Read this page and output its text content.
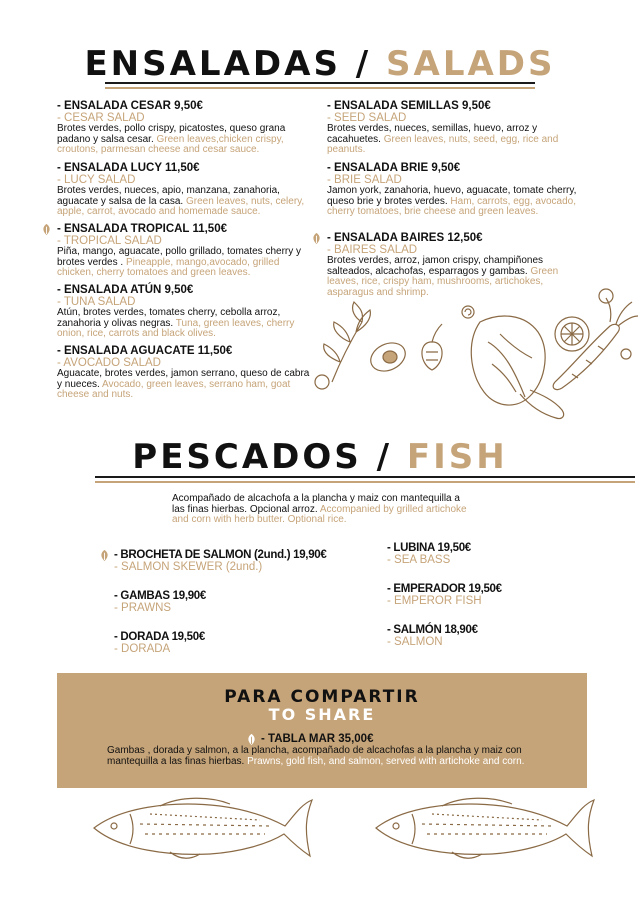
ENSALADAS / SALADS
- ENSALADA CESAR 9,50€
- CESAR SALAD
Brotes verdes, pollo crispy, picatostes, queso grana padano y salsa cesar. Green leaves,chicken crispy, croutons, parmesan cheese and cesar sauce.
- ENSALADA LUCY 11,50€
- LUCY SALAD
Brotes verdes, nueces, apio, manzana, zanahoria, aguacate y salsa de la casa. Green leaves, nuts, celery, apple, carrot, avocado and homemade sauce.
- ENSALADA TROPICAL 11,50€
- TROPICAL SALAD
Piña, mango, aguacate, pollo grillado, tomates cherry y brotes verdes . Pineapple, mango,avocado, grilled chicken, cherry tomatoes and green leaves.
- ENSALADA ATÚN 9,50€
- TUNA SALAD
Atún, brotes verdes, tomates cherry, cebolla arroz, zanahoria y olivas negras. Tuna, green leaves, cherry onion, rice, carrots and black olives.
- ENSALADA AGUACATE 11,50€
- AVOCADO SALAD
Aguacate, brotes verdes, jamon serrano, queso de cabra y nueces. Avocado, green leaves, serrano ham, goat cheese and nuts.
- ENSALADA SEMILLAS 9,50€
- SEED SALAD
Brotes verdes, nueces, semillas, huevo, arroz y cacahuetes. Green leaves, nuts, seed, egg, rice and peanuts.
- ENSALADA BRIE 9,50€
- BRIE SALAD
Jamon york, zanahoria, huevo, aguacate, tomate cherry, queso brie y brotes verdes. Ham, carrots, egg, avocado, cherry tomatoes, brie cheese and green leaves.
- ENSALADA BAIRES 12,50€
- BAIRES SALAD
Brotes verdes, arroz, jamon crispy, champiñones salteados, alcachofas, esparragos y gambas. Green leaves, rice, crispy ham, mushrooms, artichokes, asparagus and shrimp.
PESCADOS / FISH
Acompañado de alcachofa a la plancha y maiz con mantequilla a las finas hierbas. Opcional arroz. Accompanied by grilled artichoke and corn with herb butter. Optional rice.
- BROCHETA DE SALMON (2und.) 19,90€
- SALMON SKEWER (2und.)
- GAMBAS 19,90€
- PRAWNS
- DORADA 19,50€
- DORADA
- LUBINA 19,50€
- SEA BASS
- EMPERADOR 19,50€
- EMPEROR FISH
- SALMÓN 18,90€
- SALMON
PARA COMPARTIR
TO SHARE
- TABLA MAR 35,00€
Gambas , dorada y salmon, a la plancha, acompañado de alcachofas a la plancha y maiz con mantequilla a las finas hierbas. Prawns, gold fish, and salmon, served with artichoke and corn.
